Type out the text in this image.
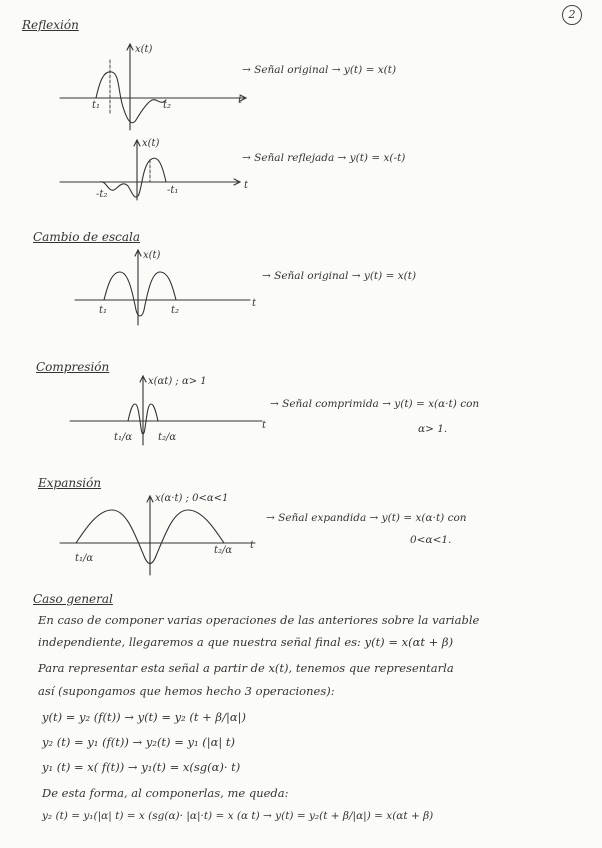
2
Reflexión
x(t)
t₁	t₂	t
→ Señal original → y(t) = x(t)
x(t)
-t₂	-t₁	t
→ Señal reflejada → y(t) = x(-t)
Cambio de escala
x(t)
t₁	t₂
t
→ Señal original → y(t) = x(t)
Compresión
x(αt) ; α> 1
t₁/α	t₂/α
t
→ Señal comprimida → y(t) = x(α·t) con
α> 1.
Expansión
x(α·t) ; 0<α<1
t₁/α
t₂/α t
→ Señal expandida → y(t) = x(α·t) con
0<α<1.
Caso general
En caso de componer varias operaciones de las anteriores sobre la variable
independiente, llegaremos a que nuestra señal final es: y(t) = x(αt + β)
Para representar esta señal a partir de x(t), tenemos que representarla
así (supongamos que hemos hecho 3 operaciones):
y(t) = y₂ (f(t)) → y(t) = y₂ (t + β/|α|)
y₂ (t) = y₁ (f(t)) → y₂(t) = y₁ (|α| t)
y₁ (t) = x( f(t)) → y₁(t) = x(sg(α)· t)
De esta forma, al componerlas, me queda:
y₂ (t) = y₁(|α| t) = x (sg(α)· |α|·t) = x (α t) → y(t) = y₂(t + β/|α|) = x(αt + β)
